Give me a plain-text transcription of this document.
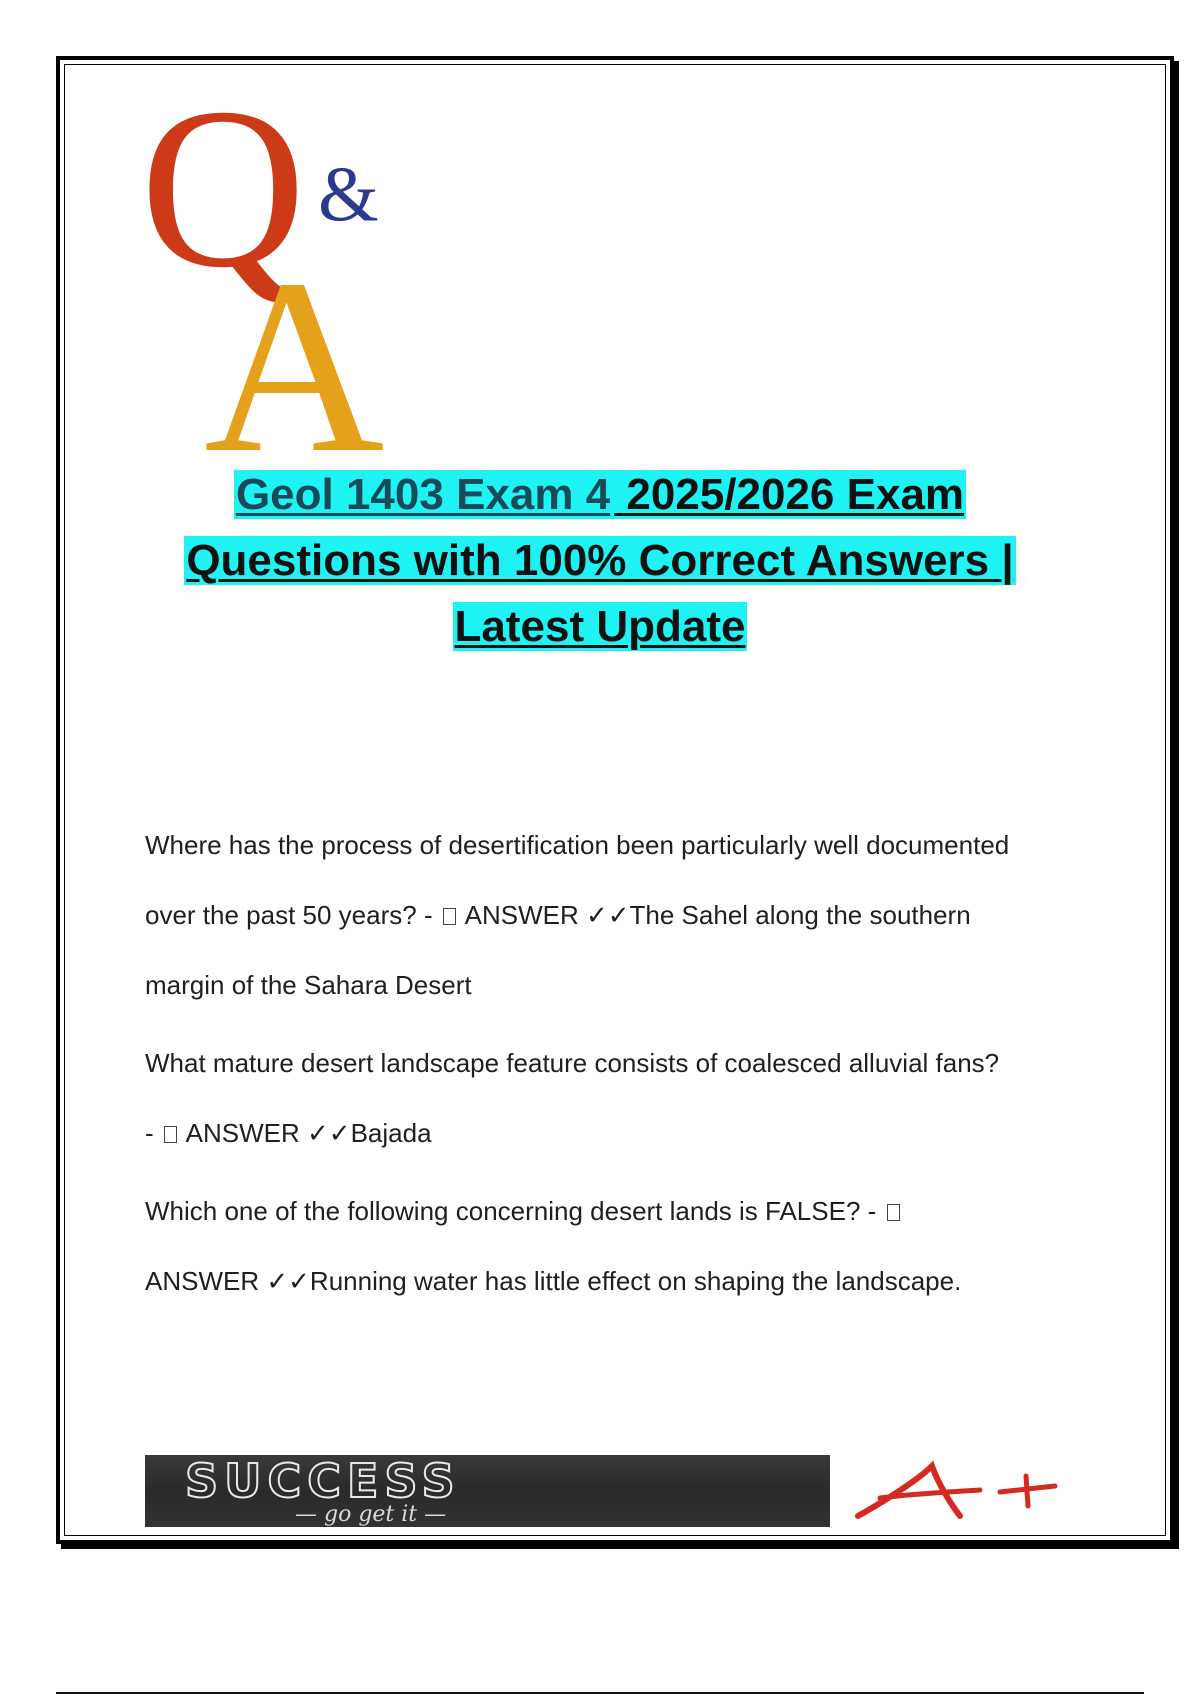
Q &
A
Geol 1403 Exam 4 2025/2026 Exam
Questions with 100% Correct Answers |
Latest Update
Where has the process of desertification been particularly well documented
over the past 50 years? -  ANSWER ✓✓The Sahel along the southern
margin of the Sahara Desert
What mature desert landscape feature consists of coalesced alluvial fans?
-  ANSWER ✓✓Bajada
Which one of the following concerning desert lands is FALSE? -
ANSWER ✓✓Running water has little effect on shaping the landscape.
SUCCESS
— go get it —
